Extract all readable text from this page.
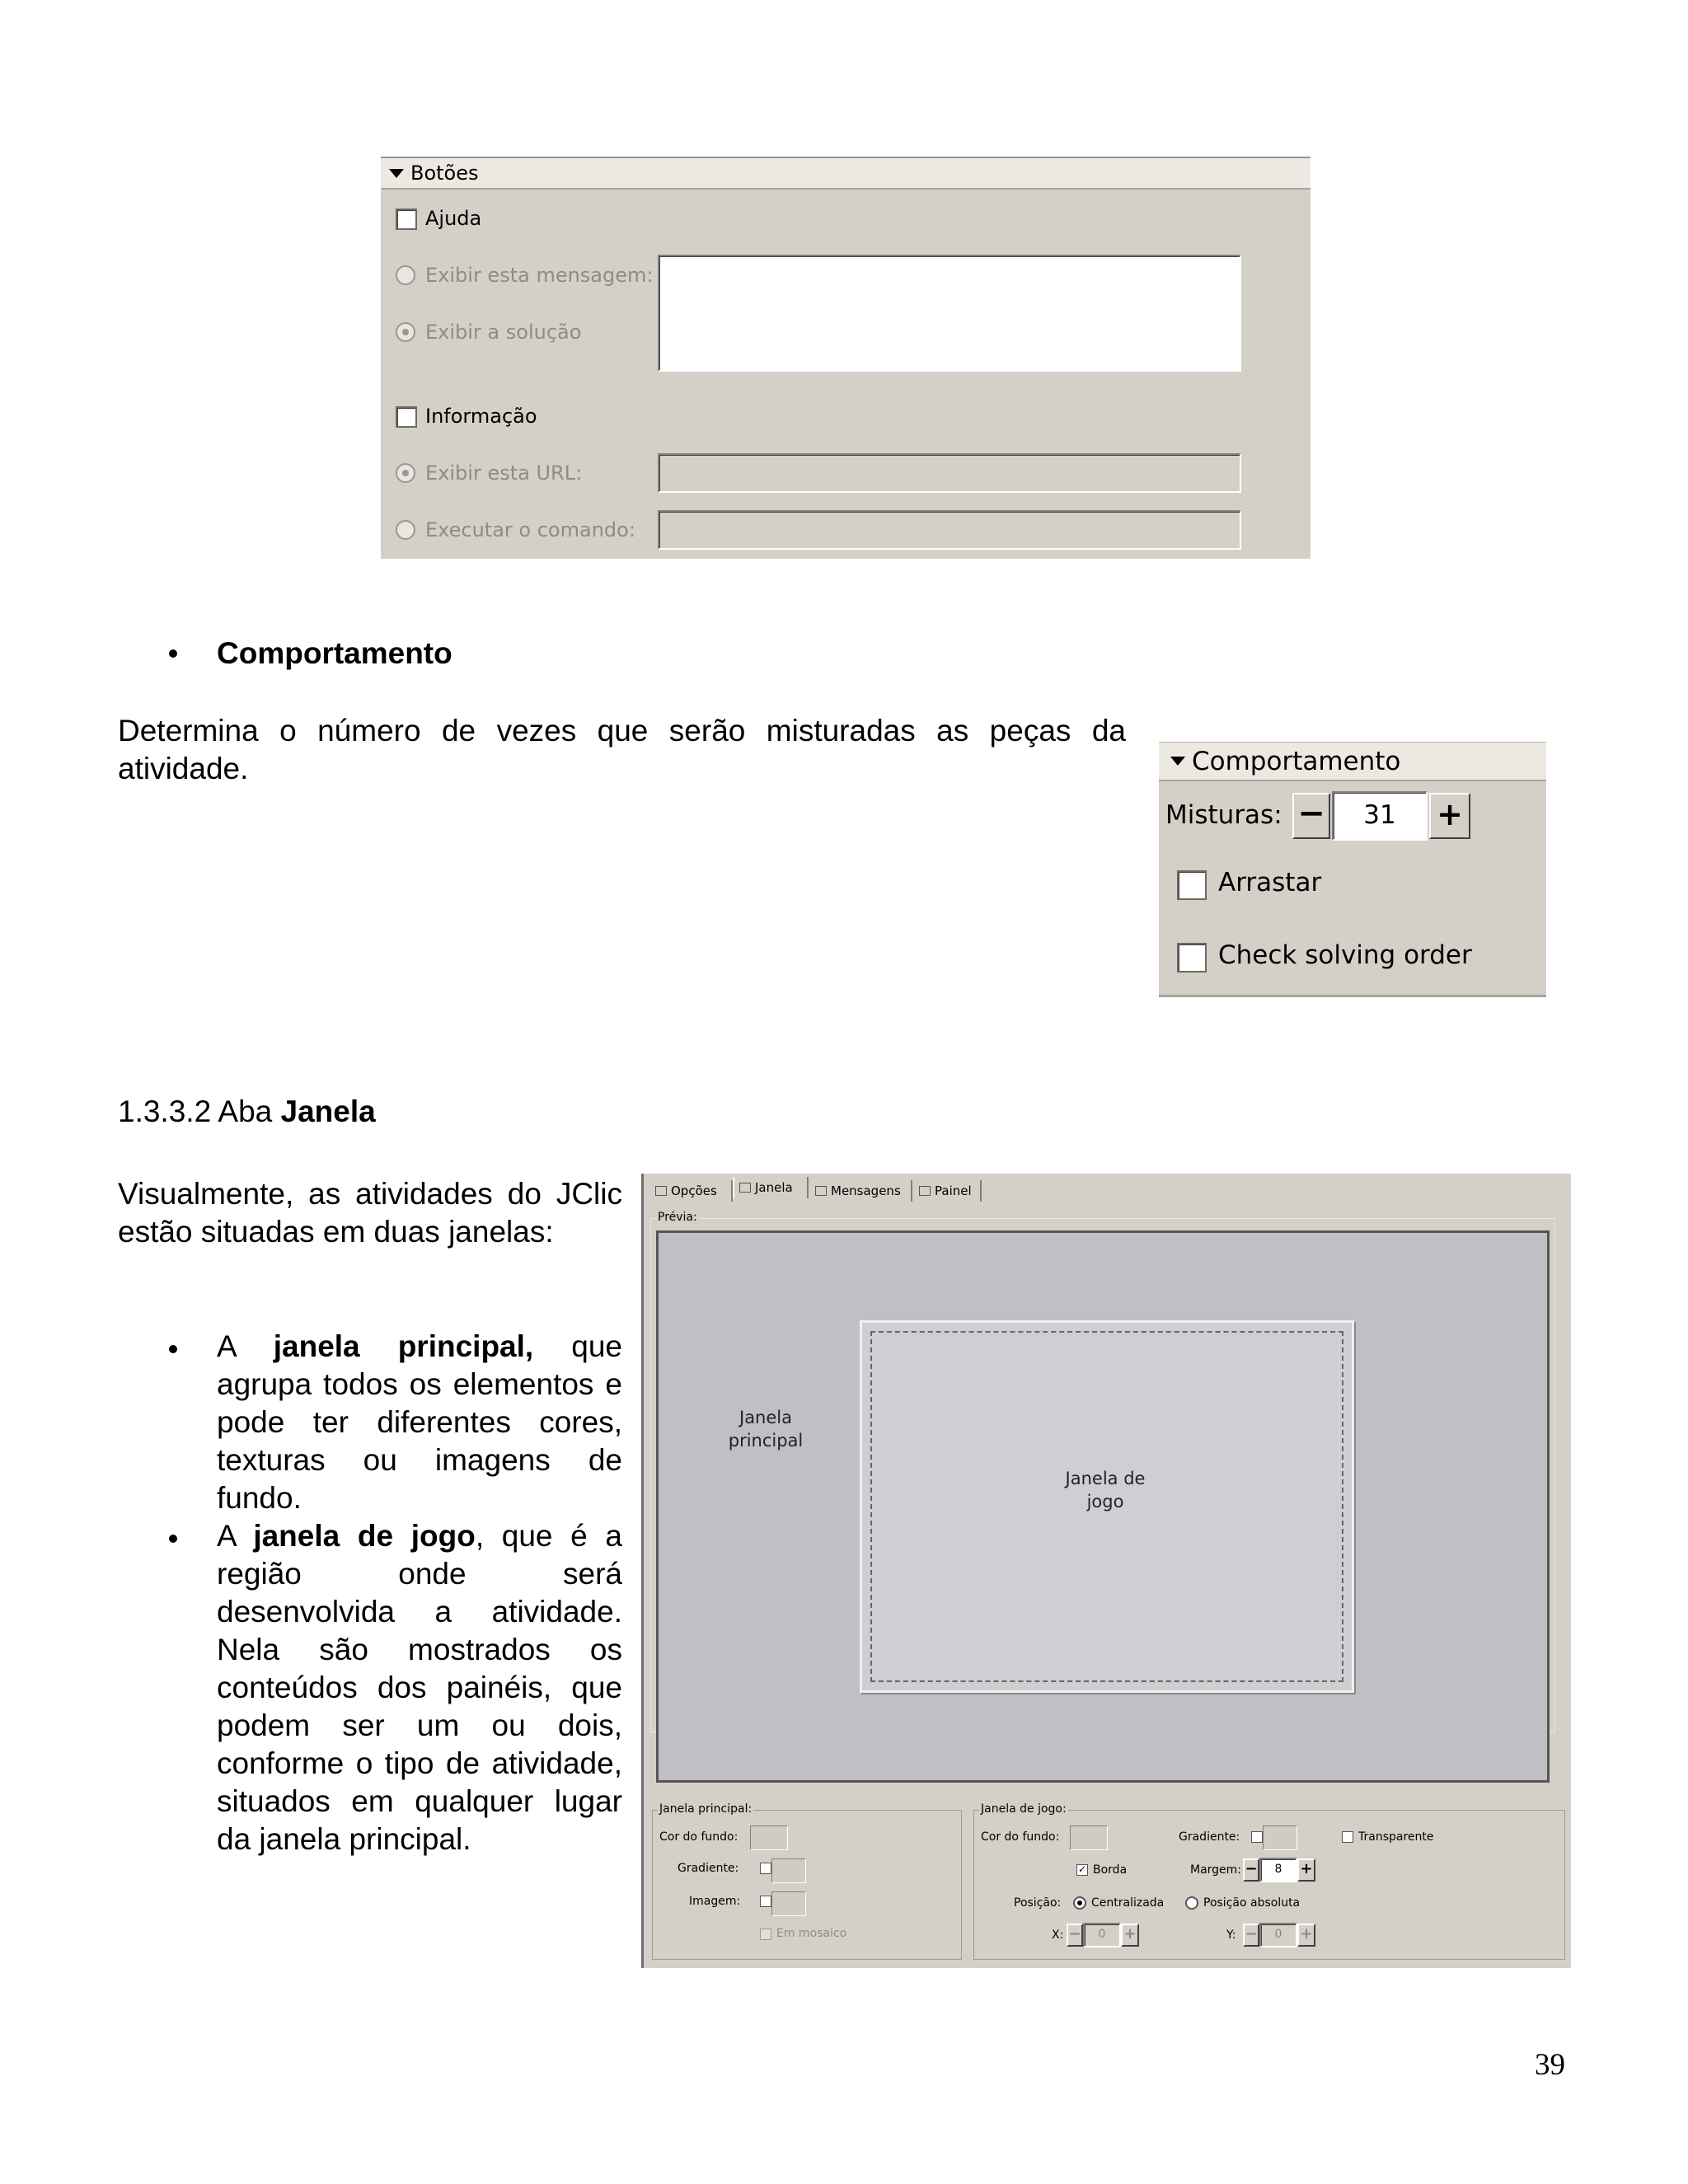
Botões
Ajuda
Exibir esta mensagem:
Exibir a solução
Informação
Exibir esta URL:
Executar o comando:
Comportamento
Determina o número de vezes que serão misturadas as peças da atividade.	Comportamento
Misturas: −	31	+
Arrastar
Check solving order
1.3.3.2 Aba Janela
Visualmente, as atividades do JClic estão situadas em duas janelas:
A janela principal, que agrupa todos os elementos e pode ter diferentes cores, texturas ou imagens de fundo.
A janela de jogo, que é a região onde será desenvolvida a atividade. Nela são mostrados os conteúdos dos painéis, que podem ser um ou dois, conforme o tipo de atividade, situados em qualquer lugar da janela principal.
Opções	Janela	Mensagens	Painel
Prévia:
Janela principal
Janela de jogo
Janela principal:
Cor do fundo:
Gradiente:
Imagem:
Em mosaico
Janela de jogo:
Cor do fundo:	Gradiente:	Transparente
✓ Borda	Margem: −	8	+
Posição:	Centralizada	Posição absoluta
X: −	0	+	Y: −	0	+
39
